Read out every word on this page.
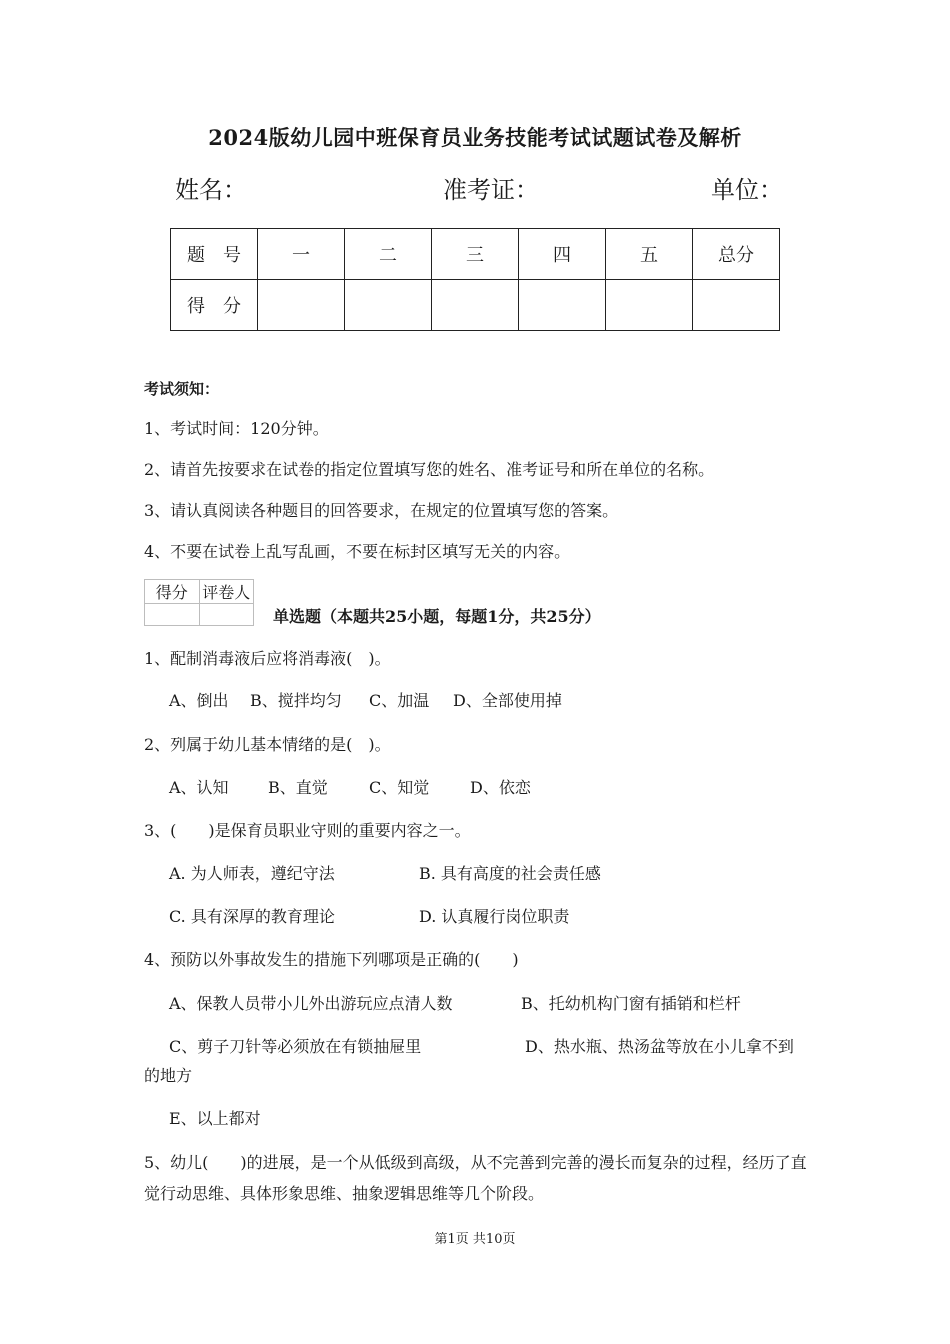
2024版幼儿园中班保育员业务技能考试试题试卷及解析
姓名：	准考证：	单位：
题　号	一	二	三	四	五	总分
得　分						
考试须知：
1、考试时间：120分钟。
2、请首先按要求在试卷的指定位置填写您的姓名、准考证号和所在单位的名称。
3、请认真阅读各种题目的回答要求，在规定的位置填写您的答案。
4、不要在试卷上乱写乱画，不要在标封区填写无关的内容。
得分	评卷人

单选题（本题共25小题，每题1分，共25分）
1、配制消毒液后应将消毒液(　)。
A、倒出 B、搅拌均匀 C、加温 D、全部使用掉
2、列属于幼儿基本情绪的是(　)。
A、认知 B、直觉	C、知觉	D、依恋
3、(　　)是保育员职业守则的重要内容之一。
A. 为人师表，遵纪守法	B. 具有高度的社会责任感
C. 具有深厚的教育理论	D. 认真履行岗位职责
4、预防以外事故发生的措施下列哪项是正确的(　　)
A、保教人员带小儿外出游玩应点清人数	B、托幼机构门窗有插销和栏杆
C、剪子刀针等必须放在有锁抽屉里	D、热水瓶、热汤盆等放在小儿拿不到
的地方
E、以上都对
5、幼儿(　　)的进展，是一个从低级到高级，从不完善到完善的漫长而复杂的过程，经历了直觉行动思维、具体形象思维、抽象逻辑思维等几个阶段。
第1页 共10页
